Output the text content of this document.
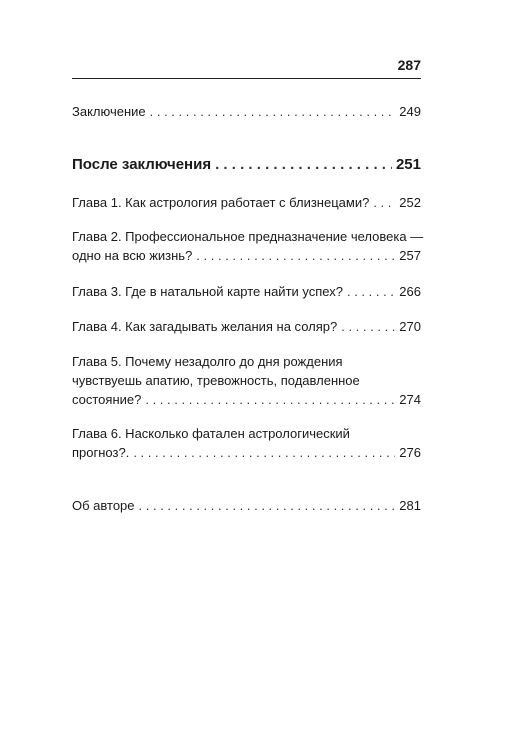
287
Заключение . . .	249
После заключения . . .	251
Глава 1. Как астрология работает с близнецами? . . . 252
Глава 2. Профессиональное предназначение человека —
одно на всю жизнь? . . .	257
Глава 3. Где в натальной карте найти успех? . . .	266
Глава 4. Как загадывать желания на соляр? . . .	270
Глава 5. Почему незадолго до дня рождения
чувствуешь апатию, тревожность, подавленное
состояние? . . .	274
Глава 6. Насколько фатален астрологический
прогноз?. . . .	276
Об авторе . . .	281
